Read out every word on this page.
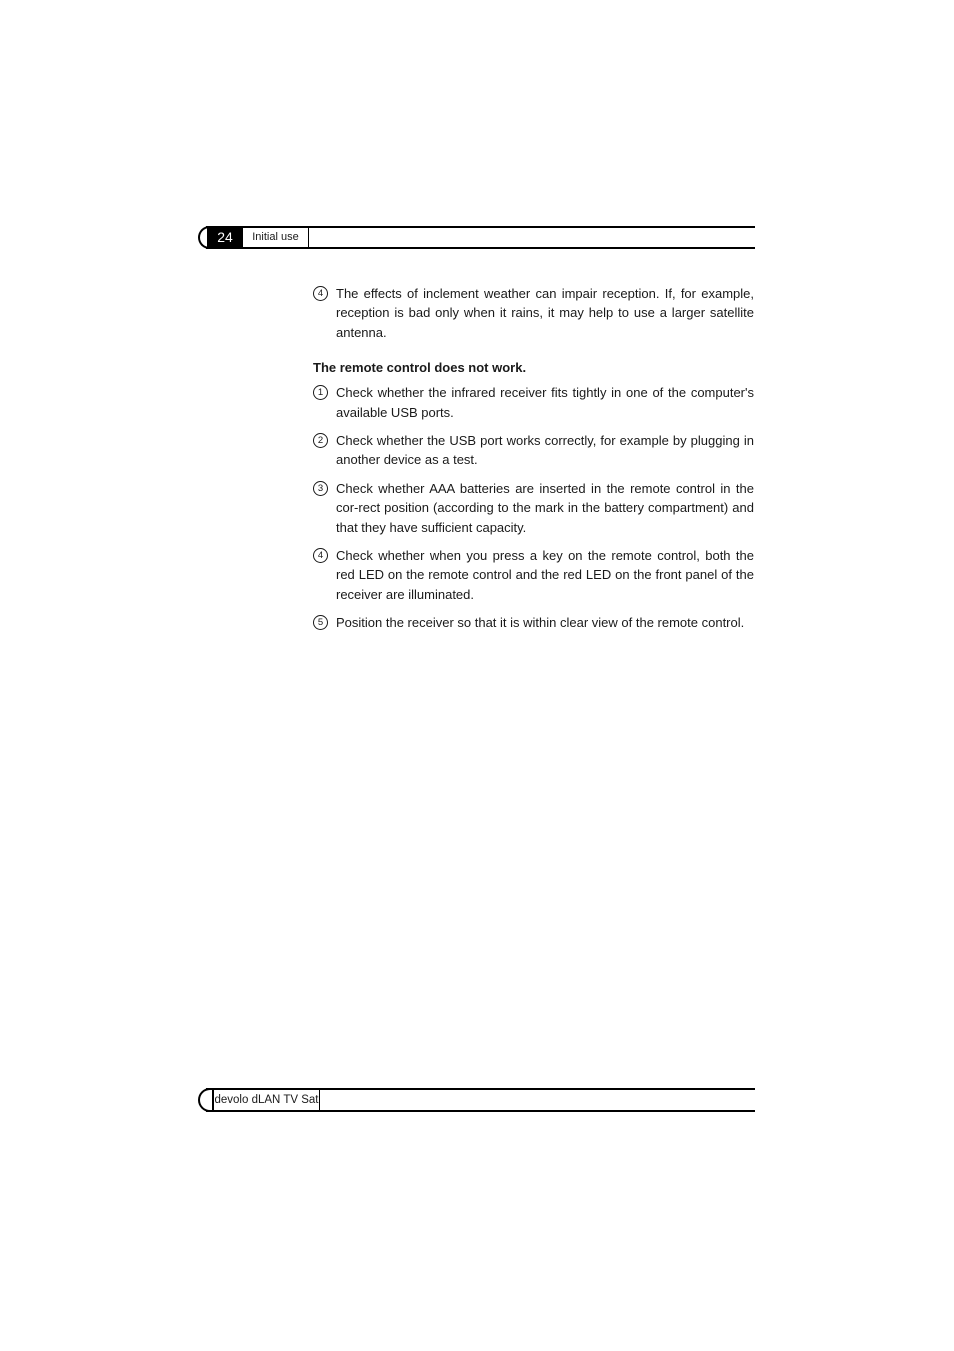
24	Initial use
4 The effects of inclement weather can impair reception. If, for example, reception is bad only when it rains, it may help to use a larger satellite antenna.
The remote control does not work.
1 Check whether the infrared receiver fits tightly in one of the computer's available USB ports.
2 Check whether the USB port works correctly, for example by plugging in another device as a test.
3 Check whether AAA batteries are inserted in the remote control in the cor-rect position (according to the mark in the battery compartment) and that they have sufficient capacity.
4 Check whether when you press a key on the remote control, both the red LED on the remote control and the red LED on the front panel of the receiver are illuminated.
5 Position the receiver so that it is within clear view of the remote control.
devolo dLAN TV Sat
